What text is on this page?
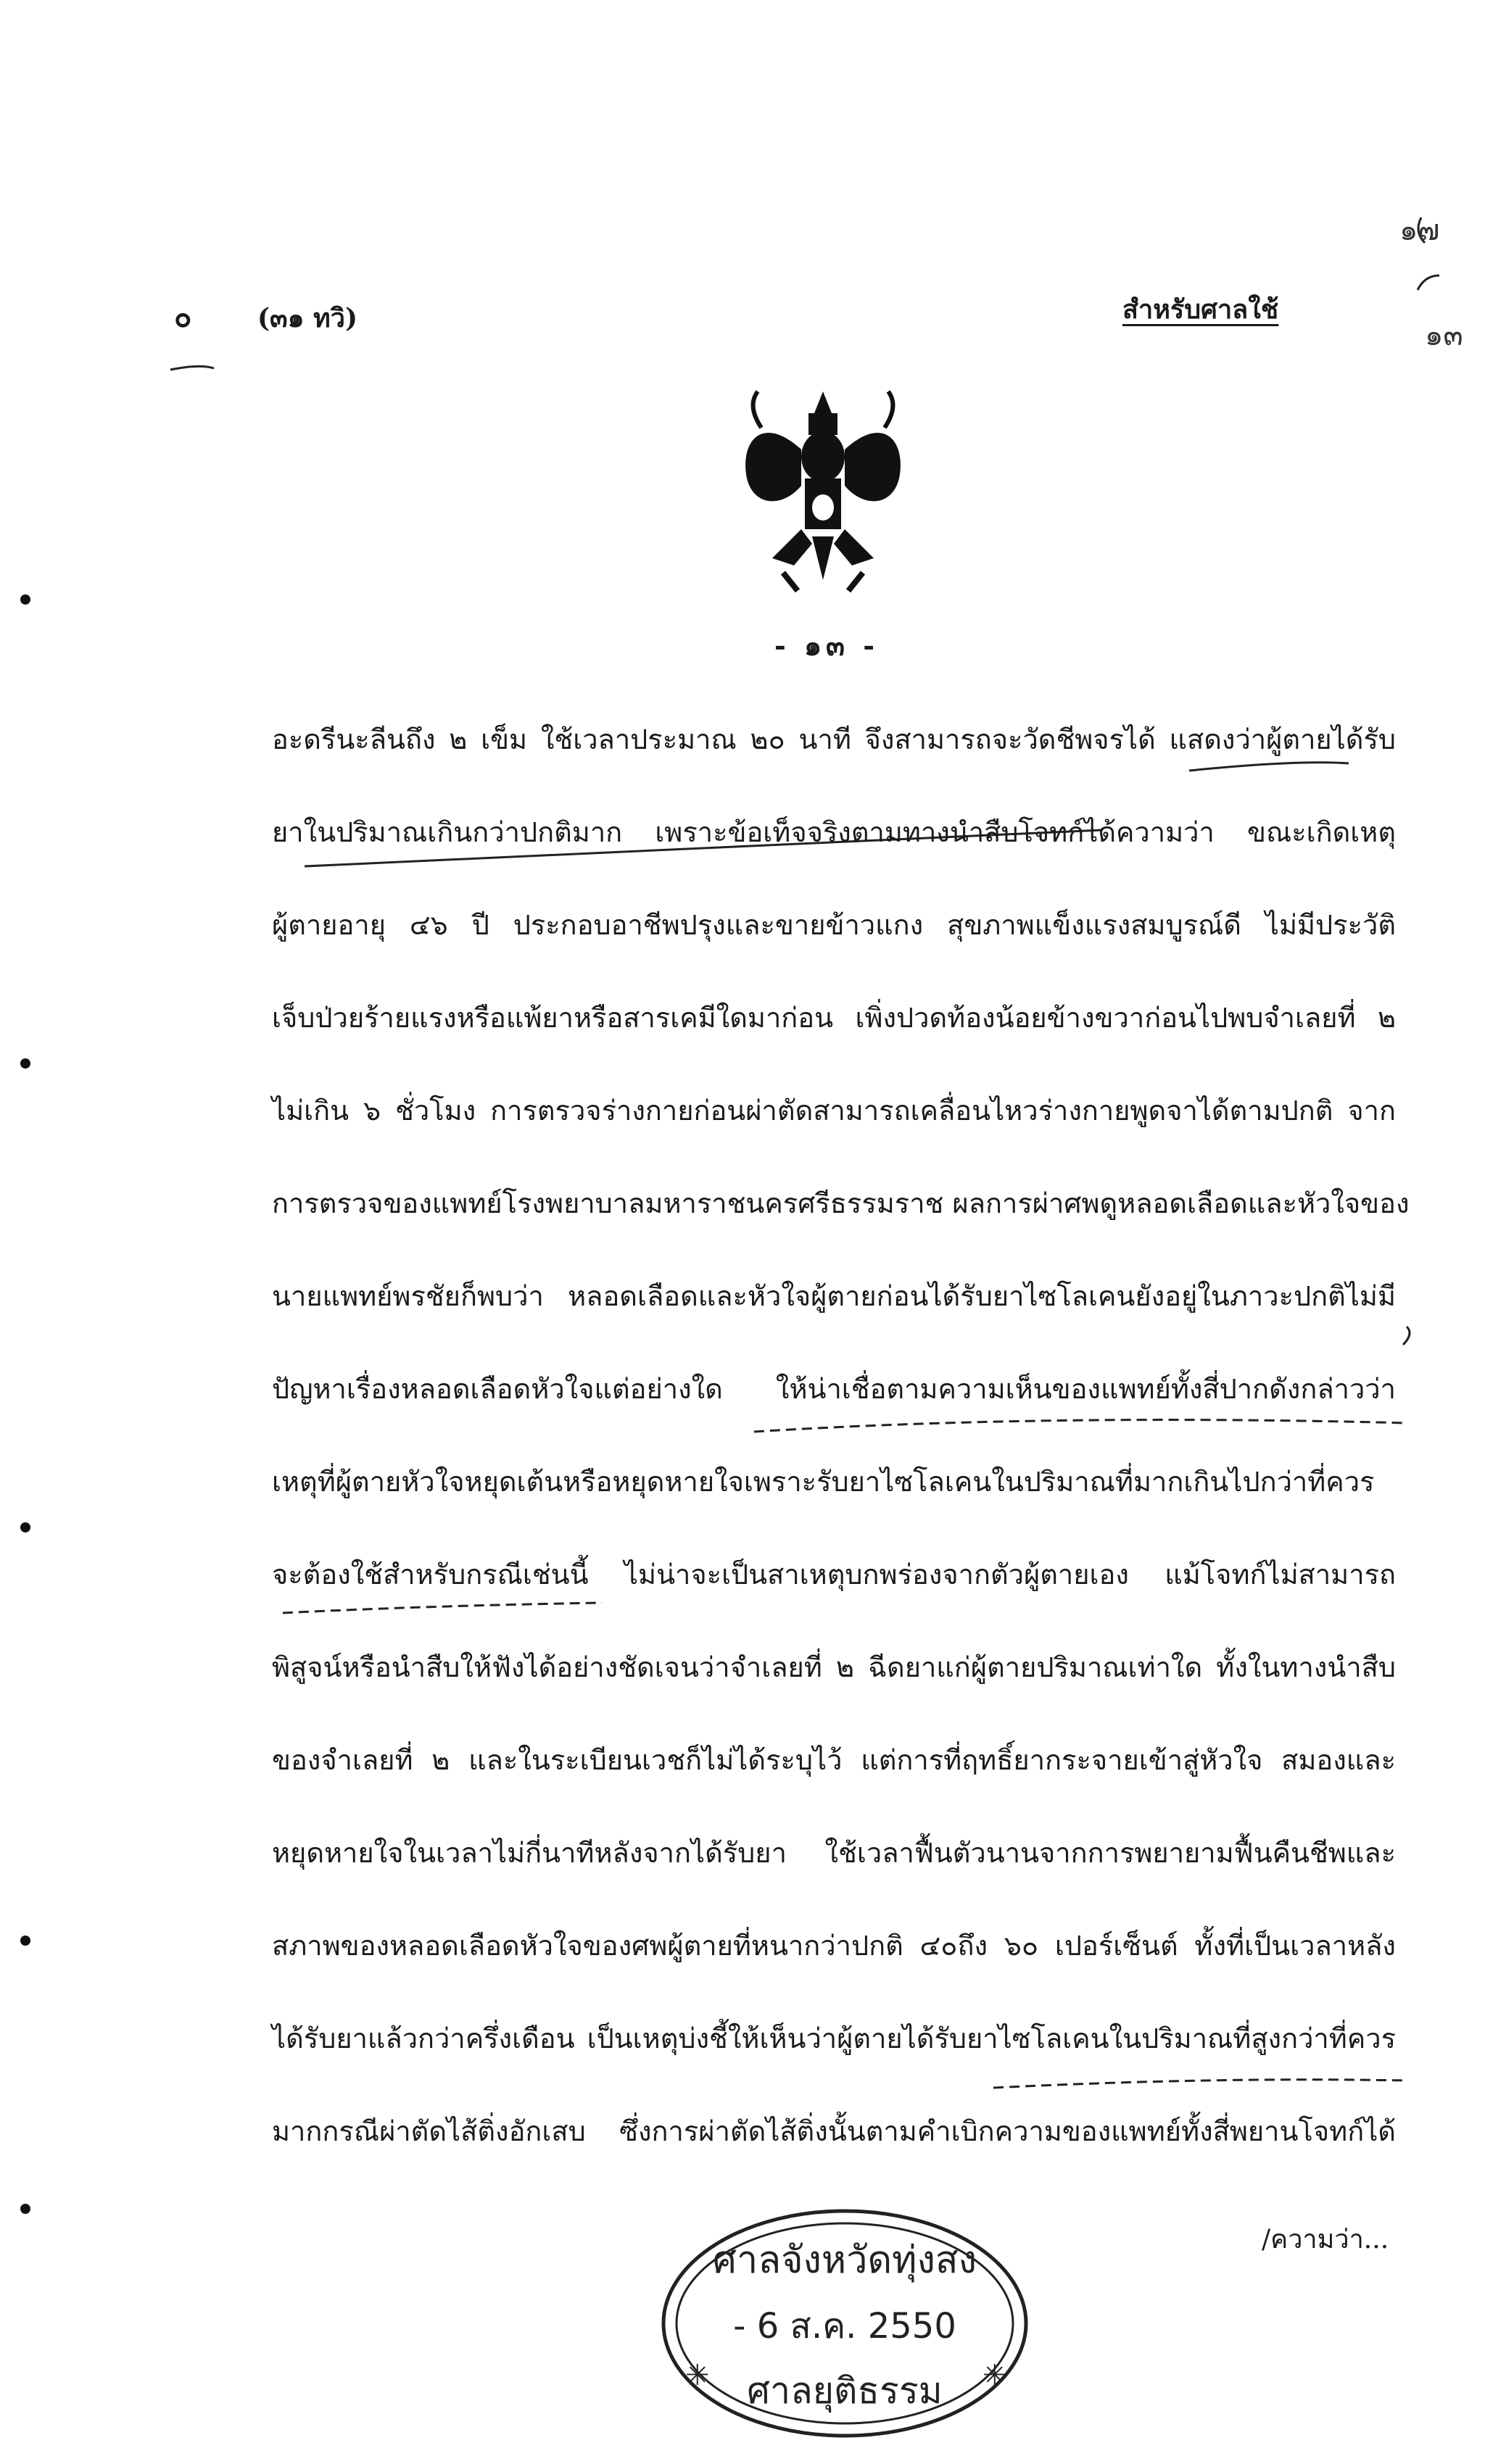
๐	(๓๑ ทวิ)	สำหรับศาลใช้
๑๗
๑๓
- ๑๓ -
อะดรีนะลีนถึง ๒ เข็ม ใช้เวลาประมาณ ๒๐ นาที จึงสามารถจะวัดชีพจรได้ แสดงว่าผู้ตายได้รับ
ยาในปริมาณเกินกว่าปกติมาก เพราะข้อเท็จจริงตามทางนำสืบโจทก์ได้ความว่า ขณะเกิดเหตุ
ผู้ตายอายุ ๔๖ ปี ประกอบอาชีพปรุงและขายข้าวแกง สุขภาพแข็งแรงสมบูรณ์ดี ไม่มีประวัติ
เจ็บป่วยร้ายแรงหรือแพ้ยาหรือสารเคมีใดมาก่อน เพิ่งปวดท้องน้อยข้างขวาก่อนไปพบจำเลยที่ ๒
ไม่เกิน ๖ ชั่วโมง การตรวจร่างกายก่อนผ่าตัดสามารถเคลื่อนไหวร่างกายพูดจาได้ตามปกติ จาก
การตรวจของแพทย์โรงพยาบาลมหาราชนครศรีธรรมราช ผลการผ่าศพดูหลอดเลือดและหัวใจของ
นายแพทย์พรชัยก็พบว่า หลอดเลือดและหัวใจผู้ตายก่อนได้รับยาไซโลเคนยังอยู่ในภาวะปกติไม่มี
ปัญหาเรื่องหลอดเลือดหัวใจแต่อย่างใด ให้น่าเชื่อตามความเห็นของแพทย์ทั้งสี่ปากดังกล่าวว่า
เหตุที่ผู้ตายหัวใจหยุดเต้นหรือหยุดหายใจเพราะรับยาไซโลเคนในปริมาณที่มากเกินไปกว่าที่ควร
จะต้องใช้สำหรับกรณีเช่นนี้ ไม่น่าจะเป็นสาเหตุบกพร่องจากตัวผู้ตายเอง แม้โจทก์ไม่สามารถ
พิสูจน์หรือนำสืบให้ฟังได้อย่างชัดเจนว่าจำเลยที่ ๒ ฉีดยาแก่ผู้ตายปริมาณเท่าใด ทั้งในทางนำสืบ
ของจำเลยที่ ๒ และในระเบียนเวชก็ไม่ได้ระบุไว้ แต่การที่ฤทธิ์ยากระจายเข้าสู่หัวใจ สมองและ
หยุดหายใจในเวลาไม่กี่นาทีหลังจากได้รับยา ใช้เวลาฟื้นตัวนานจากการพยายามฟื้นคืนชีพและ
สภาพของหลอดเลือดหัวใจของศพผู้ตายที่หนากว่าปกติ ๔๐ถึง ๖๐ เปอร์เซ็นต์ ทั้งที่เป็นเวลาหลัง
ได้รับยาแล้วกว่าครึ่งเดือน เป็นเหตุบ่งชี้ให้เห็นว่าผู้ตายได้รับยาไซโลเคนในปริมาณที่สูงกว่าที่ควร
มากกรณีผ่าตัดไส้ติ่งอักเสบ ซึ่งการผ่าตัดไส้ติ่งนั้นตามคำเบิกความของแพทย์ทั้งสี่พยานโจทก์ได้
/ความว่า...
ศาลจังหวัดทุ่งสง
- 6 ส.ค. 2550
ศาลยุติธรรม
✳	✳
